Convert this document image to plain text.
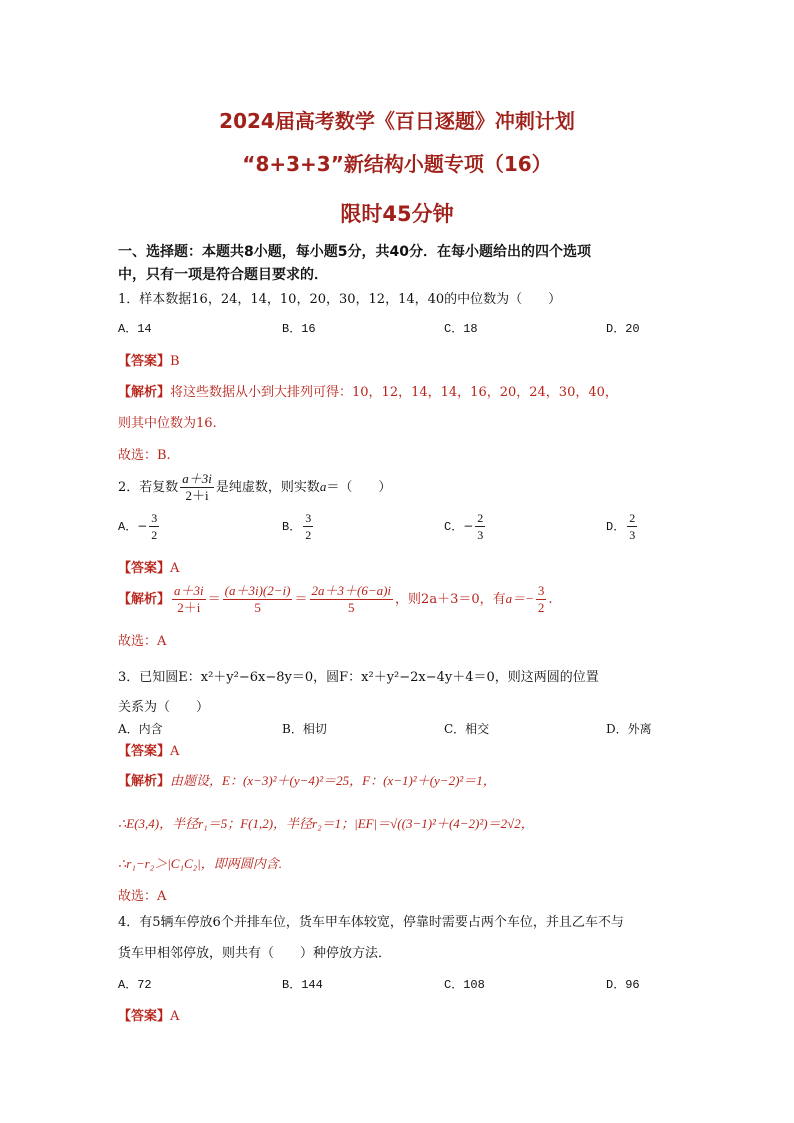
2024届高考数学《百日逐题》冲刺计划
“8+3+3”新结构小题专项（16）
限时45分钟
一、选择题：本题共8小题，每小题5分，共40分．在每小题给出的四个选项
中，只有一项是符合题目要求的．
1．样本数据16，24，14，10，20，30，12，14，40的中位数为（　　）
A．14	B．16	C．18	D．20
【答案】B
【解析】将这些数据从小到大排列可得：10，12，14，14，16，20，24，30，40，
则其中位数为16.
故选：B.
2．若复数 $\frac{a+3i}{2+i}$ 是纯虚数，则实数a＝（　　）
A．− $\frac{3}{2}$	B． $\frac{3}{2}$	C．− $\frac{2}{3}$	D． $\frac{2}{3}$
【答案】A
【解析】 $\frac{a+3i}{2+i} = \frac{(a+3i)(2-i)}{5} = \frac{2a+3+(6-a)i}{5}$ ，则2a＋3＝0，有$a=- \frac{3}{2}$ .
故选：A
3．已知圆E：x²＋y²−6x−8y＝0，圆F：x²＋y²−2x−4y＋4＝0，则这两圆的位置
关系为（　　）
A．内含	B．相切	C．相交	D．外离
【答案】A
【解析】由题设，E：(x−3)²＋(y−4)²＝25，F：(x−1)²＋(y−2)²＝1，
∴E(3,4)，半径r₁＝5；F(1,2)，半径r₂＝1；|EF|＝√((3−1)²＋(4−2)²)＝2√2，
∴r₁−r₂＞|C₁C₂|，即两圆内含.
故选：A
4．有5辆车停放6个并排车位，货车甲车体较宽，停靠时需要占两个车位，并且乙车不与
货车甲相邻停放，则共有（　　）种停放方法．
A．72	B．144	C．108	D．96
【答案】A
